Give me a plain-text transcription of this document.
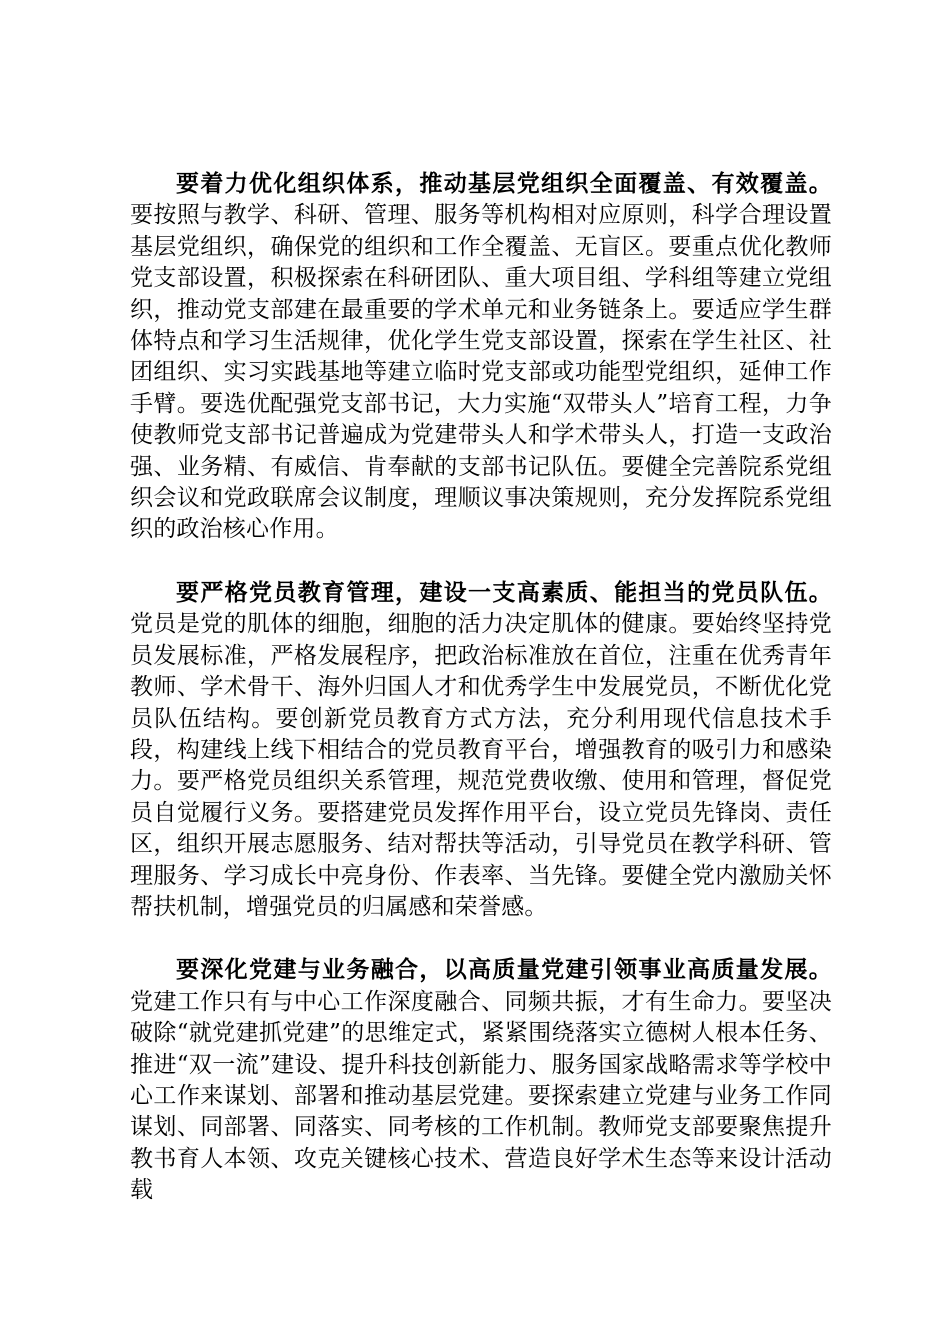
要着力优化组织体系，推动基层党组织全面覆盖、有效覆盖。 要按照与教学、科研、管理、服务等机构相对应原则，科学合理设置基层党组织，确保党的组织和工作全覆盖、无盲区。要重点优化教师党支部设置，积极探索在科研团队、重大项目组、学科组等建立党组织，推动党支部建在最重要的学术单元和业务链条上。要适应学生群体特点和学习生活规律，优化学生党支部设置，探索在学生社区、社团组织、实习实践基地等建立临时党支部或功能型党组织，延伸工作手臂。要选优配强党支部书记，大力实施“双带头人”培育工程，力争使教师党支部书记普遍成为党建带头人和学术带头人，打造一支政治强、业务精、有威信、肯奉献的支部书记队伍。要健全完善院系党组织会议和党政联席会议制度，理顺议事决策规则，充分发挥院系党组织的政治核心作用。

要严格党员教育管理，建设一支高素质、能担当的党员队伍。 党员是党的肌体的细胞，细胞的活力决定肌体的健康。要始终坚持党员发展标准，严格发展程序，把政治标准放在首位，注重在优秀青年教师、学术骨干、海外归国人才和优秀学生中发展党员，不断优化党员队伍结构。要创新党员教育方式方法，充分利用现代信息技术手段，构建线上线下相结合的党员教育平台，增强教育的吸引力和感染力。要严格党员组织关系管理，规范党费收缴、使用和管理，督促党员自觉履行义务。要搭建党员发挥作用平台，设立党员先锋岗、责任区，组织开展志愿服务、结对帮扶等活动，引导党员在教学科研、管理服务、学习成长中亮身份、作表率、当先锋。要健全党内激励关怀帮扶机制，增强党员的归属感和荣誉感。

要深化党建与业务融合，以高质量党建引领事业高质量发展。 党建工作只有与中心工作深度融合、同频共振，才有生命力。要坚决破除“就党建抓党建”的思维定式，紧紧围绕落实立德树人根本任务、推进“双一流”建设、提升科技创新能力、服务国家战略需求等学校中心工作来谋划、部署和推动基层党建。要探索建立党建与业务工作同谋划、同部署、同落实、同考核的工作机制。教师党支部要聚焦提升教书育人本领、攻克关键核心技术、营造良好学术生态等来设计活动载
